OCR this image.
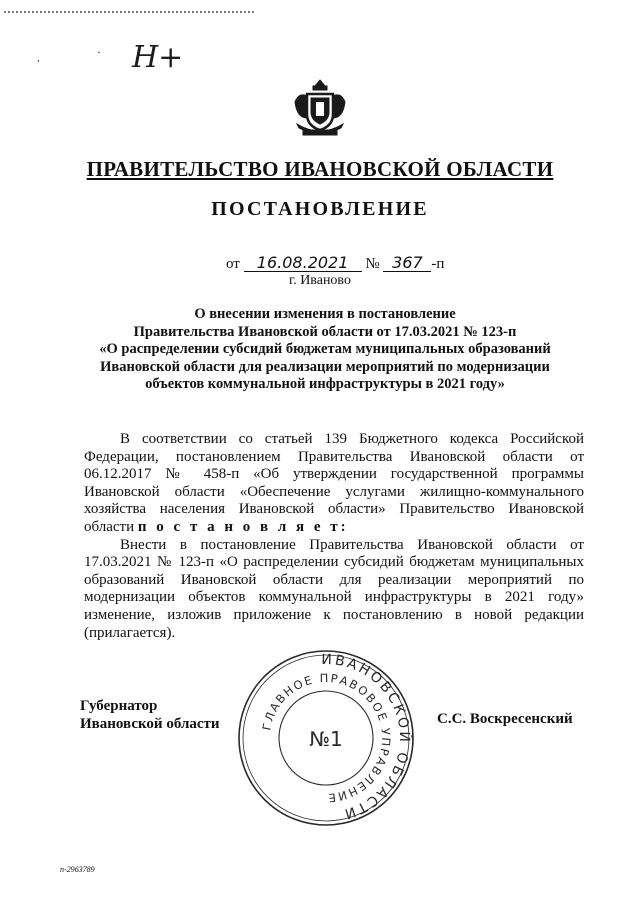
ˌ	· Н+
ПРАВИТЕЛЬСТВО ИВАНОВСКОЙ ОБЛАСТИ
ПОСТАНОВЛЕНИЕ
от 16.08.2021 № 367 -п
г. Иваново
О внесении изменения в постановление
Правительства Ивановской области от 17.03.2021 № 123-п
«О распределении субсидий бюджетам муниципальных образований
Ивановской области для реализации мероприятий по модернизации
объектов коммунальной инфраструктуры в 2021 году»

В соответствии со статьей 139 Бюджетного кодекса Российской Федерации, постановлением Правительства Ивановской области от 06.12.2017 № 458-п «Об утверждении государственной программы Ивановской области «Обеспечение услугами жилищно-коммунального хозяйства населения Ивановской области» Правительство Ивановской области п о с т а н о в л я е т:

Внести в постановление Правительства Ивановской области от 17.03.2021 № 123-п «О распределении субсидий бюджетам муниципальных образований Ивановской области для реализации мероприятий по модернизации объектов коммунальной инфраструктуры в 2021 году» изменение, изложив приложение к постановлению в новой редакции (прилагается).

Губернатор
Ивановской области	С.С. Воскресенский
ИВАНОВСКОЙ ОБЛАСТИ
ГЛАВНОЕ ПРАВОВОЕ УПРАВЛЕНИЕ
№1
п-2963789
